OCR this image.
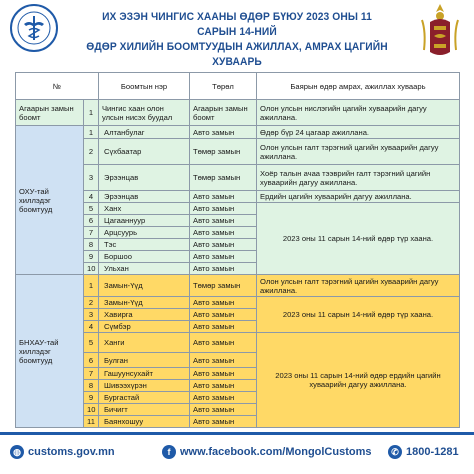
ИХ ЭЗЭН ЧИНГИС ХААНЫ ӨДӨР БҮЮУ 2023 ОНЫ 11 САРЫН 14-НИЙ
ӨДӨР ХИЛИЙН БООМТУУДЫН АЖИЛЛАХ, АМРАХ ЦАГИЙН ХУВААРЬ
№		Боомтын нэр	Төрөл	Баярын өдөр амрах, ажиллах хуваарь
Агаарын замын боомт	1	Чингис хаан олон улсын нисэх буудал	Агаарын замын боомт	Олон улсын нислэгийн цагийн хуваарийн дагуу ажиллана.
ОХУ-тай хиллэдэг боомтууд	1	Алтанбулаг	Авто замын	Өдөр бүр 24 цагаар ажиллана.
	2	Сүхбаатар	Төмөр замын	Олон улсын галт тэрэгний цагийн хуваарийн дагуу ажиллана.
	3	Эрээнцав	Төмөр замын	Хоёр талын ачаа тээврийн галт тэрэгний цагийн хуваарийн дагуу ажиллана.
	4	Эрээнцав	Авто замын	Ердийн цагийн хуваарийн дагуу ажиллана.
	5	Ханх	Авто замын	2023 оны 11 сарын 14-ний өдөр түр хаана.
	6	Цагааннуур	Авто замын	
	7	Арцсуурь	Авто замын	
	8	Тэс	Авто замын	
	9	Боршоо	Авто замын	
	10	Ульхан	Авто замын	
БНХАУ-тай хиллэдэг боомтууд	1	Замын-Үүд	Төмөр замын	Олон улсын галт тэрэгний цагийн хуваарийн дагуу ажиллана.
	2	Замын-Үүд	Авто замын	2023 оны 11 сарын 14-ний өдөр түр хаана.
	3	Хавирга	Авто замын	
	4	Сүмбэр	Авто замын	
	5	Ханги	Авто замын	2023 оны 11 сарын 14-ний өдөр ердийн цагийн хуваарийн дагуу ажиллана.
	6	Булган	Авто замын	
	7	Гашуунсухайт	Авто замын	
	8	Шивээхүрэн	Авто замын	
	9	Бургастай	Авто замын	
	10	Бичигт	Авто замын	
	11	Баянхошуу	Авто замын	
◍ customs.gov.mn	f www.facebook.com/MongolCustoms	✆ 1800-1281
